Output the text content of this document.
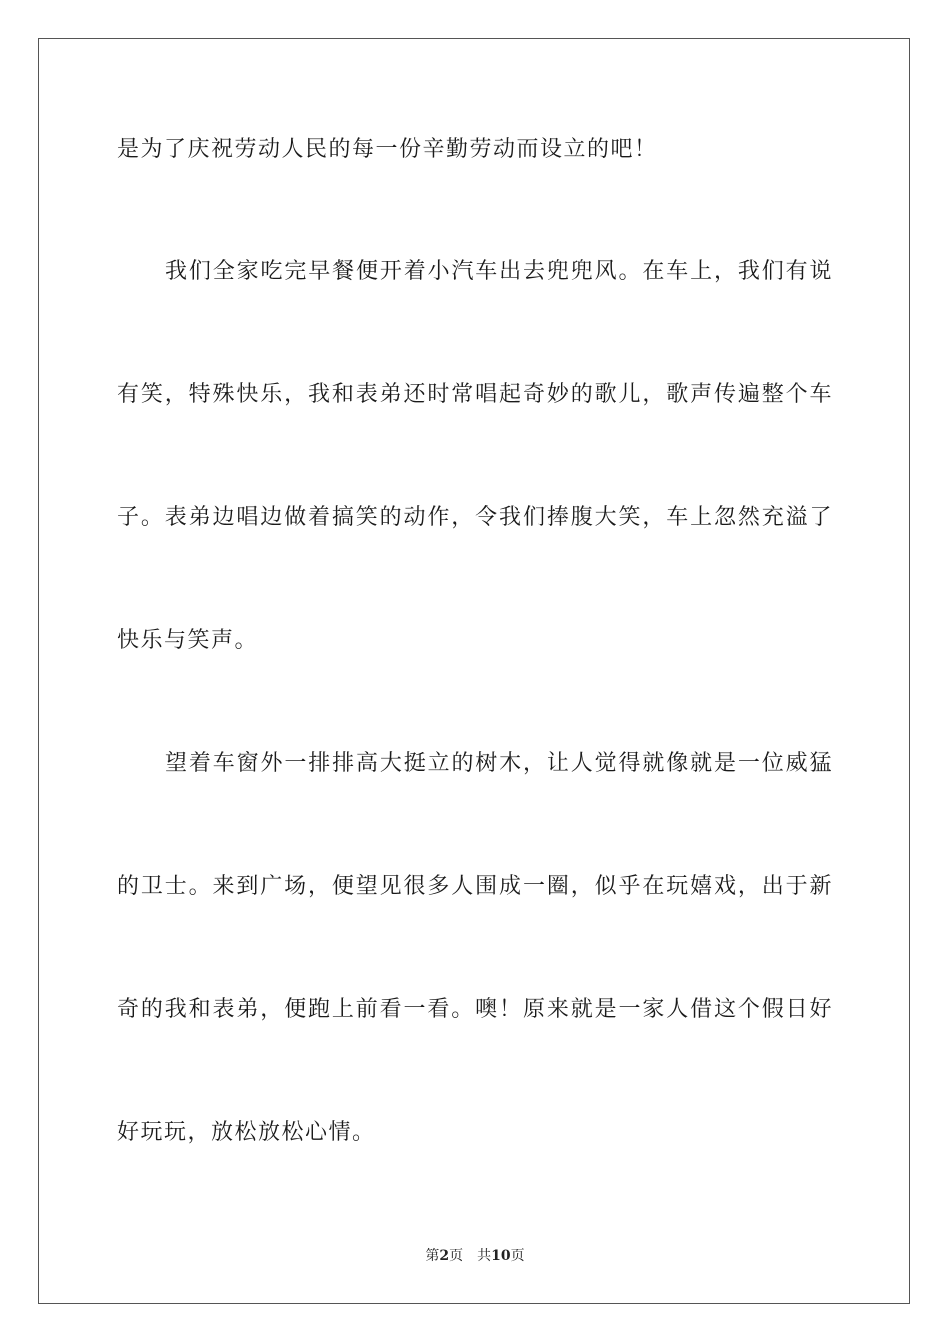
是为了庆祝劳动人民的每一份辛勤劳动而设立的吧！
我们全家吃完早餐便开着小汽车出去兜兜风。在车上，我们有说
有笑，特殊快乐，我和表弟还时常唱起奇妙的歌儿，歌声传遍整个车
子。表弟边唱边做着搞笑的动作，令我们捧腹大笑，车上忽然充溢了
快乐与笑声。
望着车窗外一排排高大挺立的树木，让人觉得就像就是一位威猛
的卫士。来到广场，便望见很多人围成一圈，似乎在玩嬉戏，出于新
奇的我和表弟，便跑上前看一看。噢！原来就是一家人借这个假日好
好玩玩，放松放松心情。
第2页 共10页
